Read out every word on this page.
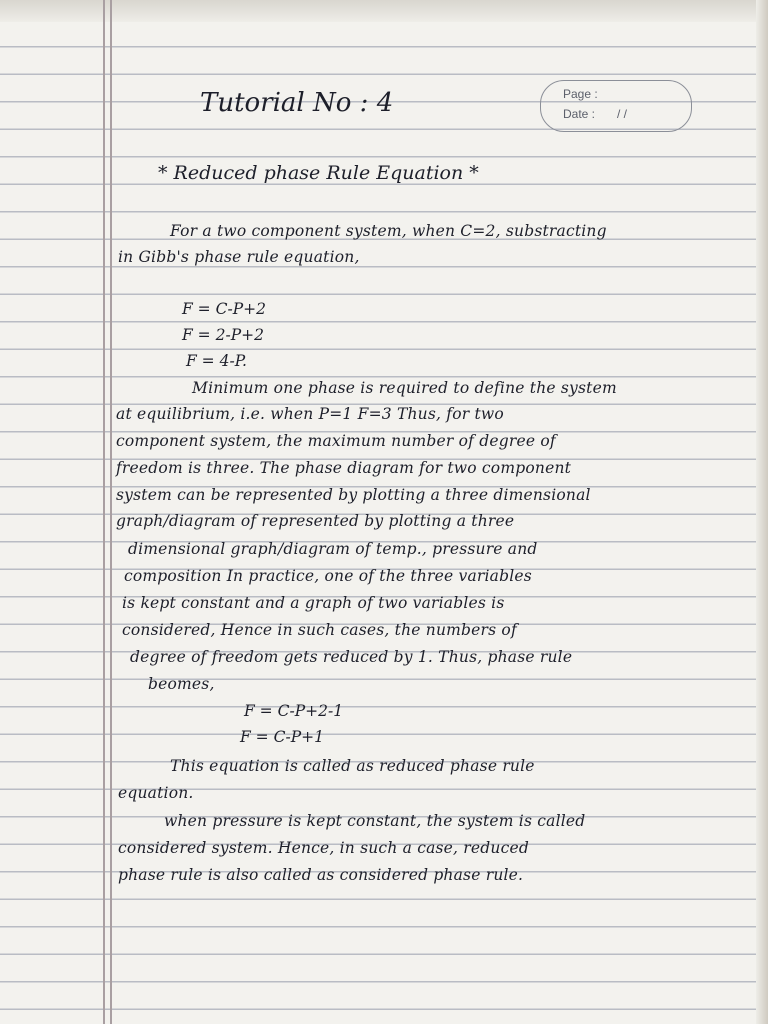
Page :
Date : / /
Tutorial No : 4
* Reduced phase Rule Equation *
For a two component system, when C=2, substracting
in Gibb's phase rule equation,
F = C-P+2
F = 2-P+2
F = 4-P.
Minimum one phase is required to define the system
at equilibrium, i.e. when P=1 F=3 Thus, for two
component system, the maximum number of degree of
freedom is three. The phase diagram for two component
system can be represented by plotting a three dimensional
graph/diagram of represented by plotting a three
dimensional graph/diagram of temp., pressure and
composition In practice, one of the three variables
is kept constant and a graph of two variables is
considered, Hence in such cases, the numbers of
degree of freedom gets reduced by 1. Thus, phase rule
beomes,
F = C-P+2-1
F = C-P+1
This equation is called as reduced phase rule
equation.
when pressure is kept constant, the system is called
considered system. Hence, in such a case, reduced
phase rule is also called as considered phase rule.
